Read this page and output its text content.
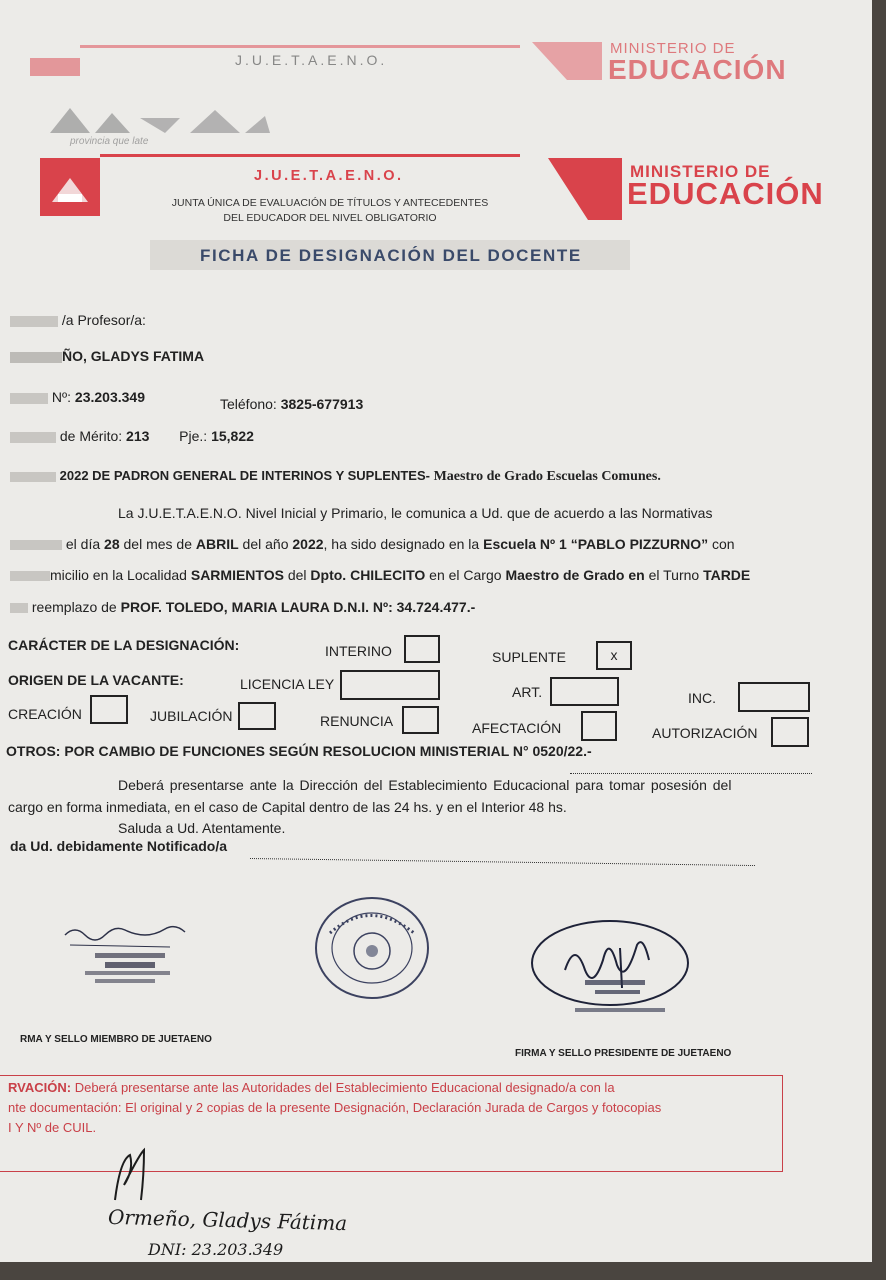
J.U.E.T.A.E.N.O.
MINISTERIO DE
EDUCACIÓN
provincia que late
J.U.E.T.A.E.N.O.
JUNTA ÚNICA DE EVALUACIÓN DE TÍTULOS Y ANTECEDENTES
DEL EDUCADOR DEL NIVEL OBLIGATORIO
MINISTERIO DE
EDUCACIÓN
FICHA DE DESIGNACIÓN DEL DOCENTE
/a Profesor/a:
ÑO, GLADYS FATIMA
Nº: 23.203.349	Teléfono: 3825-677913
de Mérito: 213 Pje.: 15,822
2022 DE PADRON GENERAL DE INTERINOS Y SUPLENTES- Maestro de Grado Escuelas Comunes.
La J.U.E.T.A.E.N.O. Nivel Inicial y Primario, le comunica a Ud. que de acuerdo a las Normativas
el día 28 del mes de ABRIL del año 2022, ha sido designado en la Escuela Nº 1 “PABLO PIZZURNO” con
micilio en la Localidad SARMIENTOS del Dpto. CHILECITO en el Cargo Maestro de Grado en el Turno TARDE
reemplazo de PROF. TOLEDO, MARIA LAURA D.N.I. Nº: 34.724.477.-
CARÁCTER DE LA DESIGNACIÓN:	INTERINO	SUPLENTE	x
ORIGEN DE LA VACANTE:	LICENCIA LEY	ART.	INC.
CREACIÓN	JUBILACIÓN	RENUNCIA	AFECTACIÓN	AUTORIZACIÓN
OTROS: POR CAMBIO DE FUNCIONES SEGÚN RESOLUCION MINISTERIAL N° 0520/22.-
Deberá presentarse ante la Dirección del Establecimiento Educacional para tomar posesión del
cargo en forma inmediata, en el caso de Capital dentro de las 24 hs. y en el Interior 48 hs.
Saluda a Ud. Atentamente.
da Ud. debidamente Notificado/a
RMA Y SELLO MIEMBRO DE JUETAENO
FIRMA Y SELLO PRESIDENTE DE JUETAENO
RVACIÓN: Deberá presentarse ante las Autoridades del Establecimiento Educacional designado/a con la
nte documentación: El original y 2 copias de la presente Designación, Declaración Jurada de Cargos y fotocopias
I Y Nº de CUIL.
Ormeño, Gladys Fátima
DNI: 23.203.349
